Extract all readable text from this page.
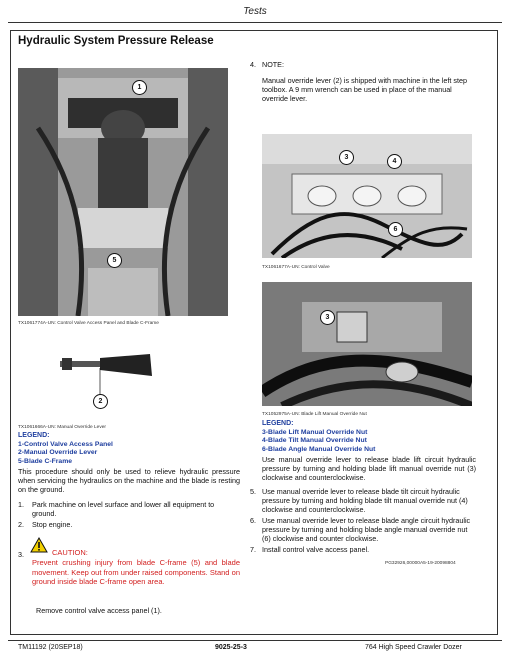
Tests
Hydraulic System Pressure Release
1
5
TX1061774A-UN: Control Valve Access Panel and Blade C-Frame
2
TX1061666A-UN: Manual Override Lever
LEGEND:
1-Control Valve Access Panel
2-Manual Override Lever
5-Blade C-Frame
This procedure should only be used to relieve hydraulic pressure when servicing the hydraulics on the machine and the blade is resting on the ground.
1. Park machine on level surface and lower all equipment to ground.
2. Stop engine.
3.	CAUTION:
Prevent crushing injury from blade C-frame (5) and blade movement. Keep out from under raised components. Stand on ground inside blade C-frame open area.
Remove control valve access panel (1).
4. NOTE:
Manual override lever (2) is shipped with machine in the left step toolbox. A 9 mm wrench can be used in place of the manual override lever.
3
4
6
TX1061677A-UN: Control Valve
3
TX1052975A-UN: Blade Lift Manual Override Nut
LEGEND:
3-Blade Lift Manual Override Nut
4-Blade Tilt Manual Override Nut
6-Blade Angle Manual Override Nut
Use manual override lever to release blade lift circuit hydraulic pressure by turning and holding blade lift manual override nut (3) clockwise and counterclockwise.
5. Use manual override lever to release blade tilt circuit hydraulic pressure by turning and holding blade tilt manual override nut (4) clockwise and counterclockwise.
6. Use manual override lever to release blade angle circuit hydraulic pressure by turning and holding blade angle manual override nut (6) clockwise and counter clockwise.
7. Install control valve access panel.
PG32926,00000A5-19-20098804
TM11192 (20SEP18)	9025-25-3	764 High Speed Crawler Dozer
